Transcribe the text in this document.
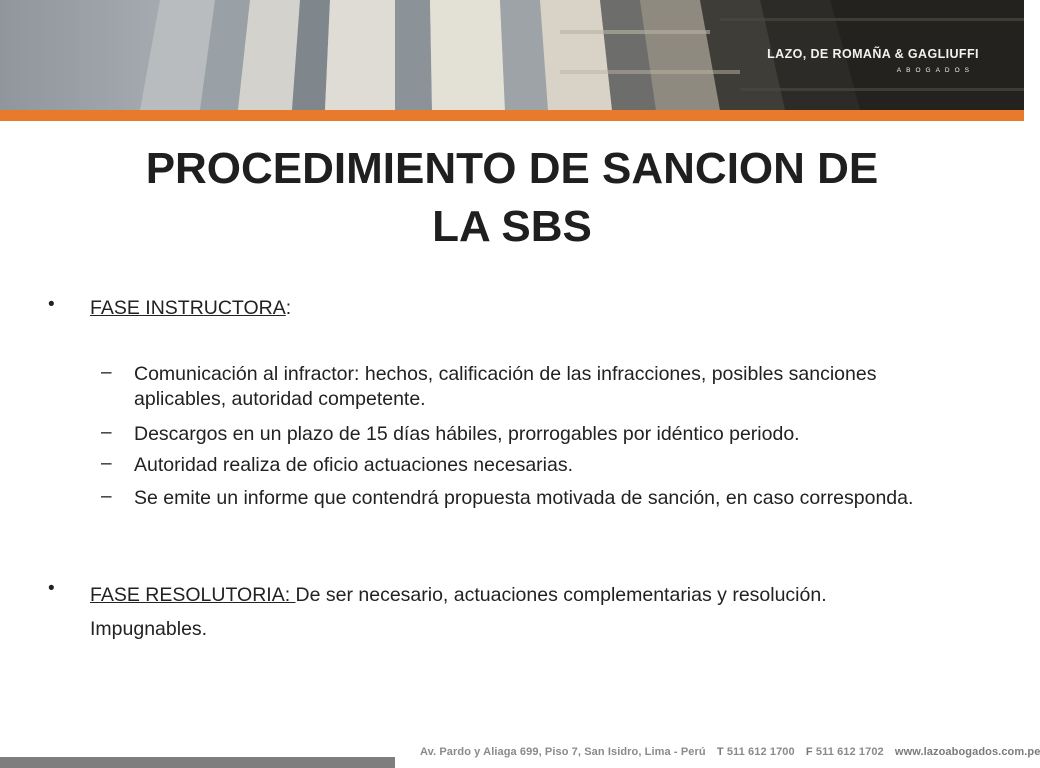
LAZO, DE ROMAÑA & GAGLIUFFI
ABOGADOS
PROCEDIMIENTO DE SANCION DE
LA SBS
• FASE INSTRUCTORA:
– Comunicación al infractor: hechos, calificación de las infracciones, posibles sanciones aplicables, autoridad competente.
– Descargos en un plazo de 15 días hábiles, prorrogables por idéntico periodo.
– Autoridad realiza de oficio actuaciones necesarias.
– Se emite un informe que contendrá propuesta motivada de sanción, en caso corresponda.
• FASE RESOLUTORIA: De ser necesario, actuaciones complementarias y resolución.
Impugnables.
Av. Pardo y Aliaga 699, Piso 7, San Isidro, Lima - Perú T 511 612 1700 F 511 612 1702 www.lazoabogados.com.pe
